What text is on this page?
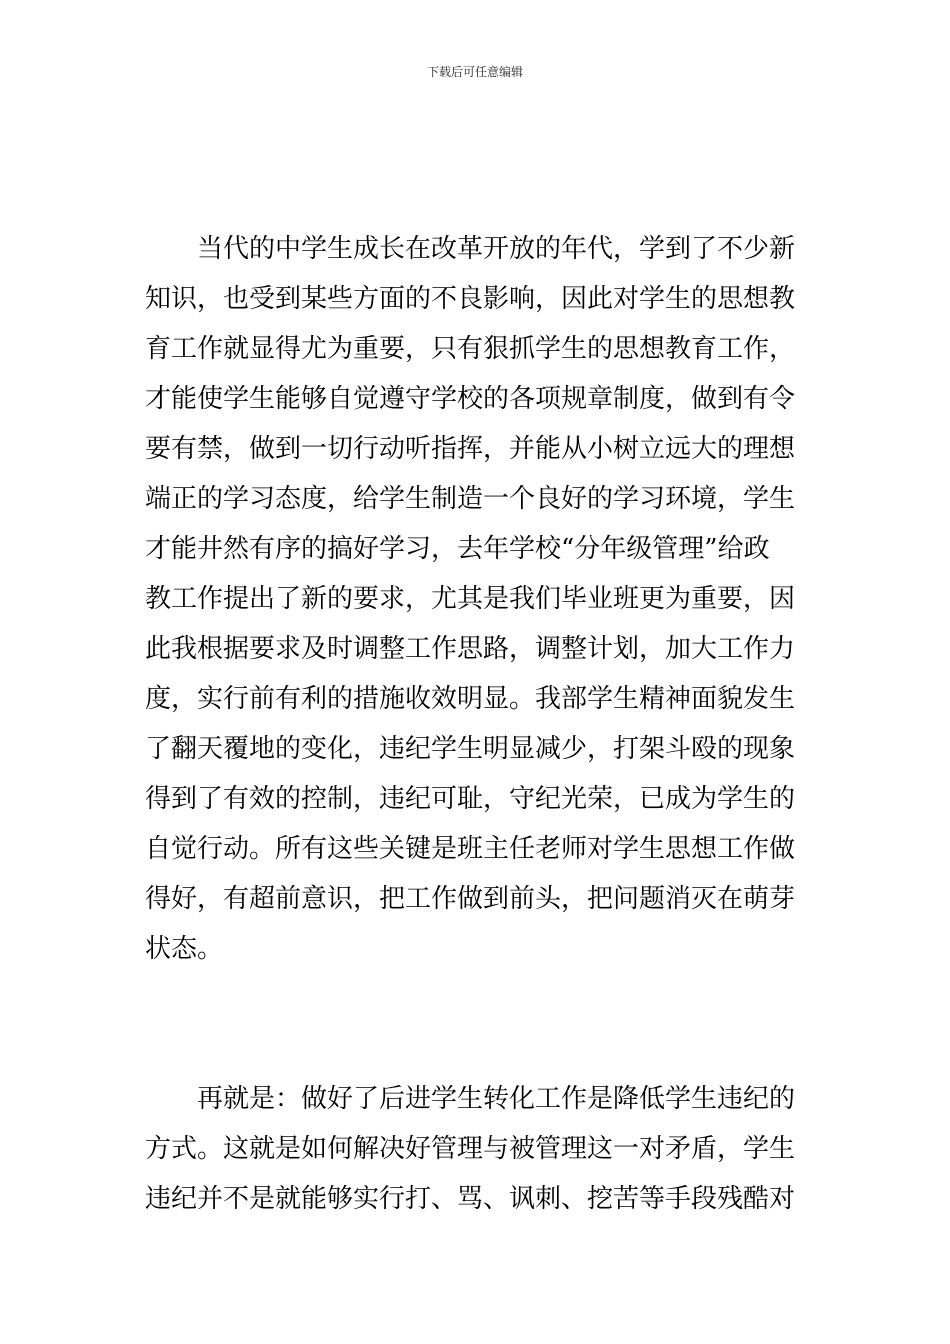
下载后可任意编辑
当代的中学生成长在改革开放的年代，学到了不少新
知识，也受到某些方面的不良影响，因此对学生的思想教
育工作就显得尤为重要，只有狠抓学生的思想教育工作，
才能使学生能够自觉遵守学校的各项规章制度，做到有令
要有禁，做到一切行动听指挥，并能从小树立远大的理想
端正的学习态度，给学生制造一个良好的学习环境，学生
才能井然有序的搞好学习，去年学校“分年级管理”给政
教工作提出了新的要求，尤其是我们毕业班更为重要，因
此我根据要求及时调整工作思路，调整计划，加大工作力
度，实行前有利的措施收效明显。我部学生精神面貌发生
了翻天覆地的变化，违纪学生明显减少，打架斗殴的现象
得到了有效的控制，违纪可耻，守纪光荣，已成为学生的
自觉行动。所有这些关键是班主任老师对学生思想工作做
得好，有超前意识，把工作做到前头，把问题消灭在萌芽
状态。
再就是：做好了后进学生转化工作是降低学生违纪的
方式。这就是如何解决好管理与被管理这一对矛盾，学生
违纪并不是就能够实行打、骂、讽刺、挖苦等手段残酷对
